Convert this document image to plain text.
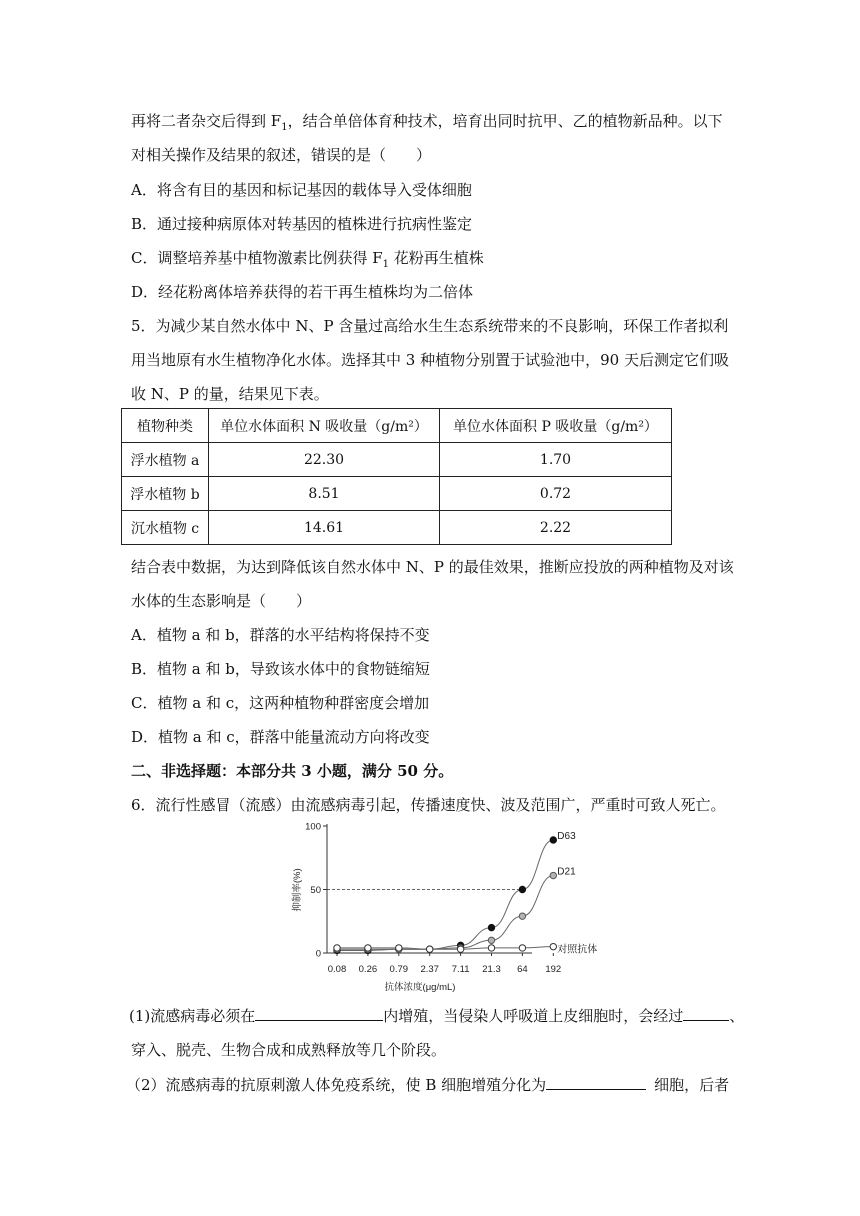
再将二者杂交后得到 $F_1$，结合单倍体育种技术，培育出同时抗甲、乙的植物新品种。以下
对相关操作及结果的叙述，错误的是（　　）
A．将含有目的基因和标记基因的载体导入受体细胞
B．通过接种病原体对转基因的植株进行抗病性鉴定
C．调整培养基中植物激素比例获得 $F_1$ 花粉再生植株
D．经花粉离体培养获得的若干再生植株均为二倍体
5．为减少某自然水体中 N、P 含量过高给水生生态系统带来的不良影响，环保工作者拟利
用当地原有水生植物净化水体。选择其中 3 种植物分别置于试验池中，90 天后测定它们吸
收 N、P 的量，结果见下表。
植物种类	单位水体面积 N 吸收量（g/m²）	单位水体面积 P 吸收量（g/m²）
浮水植物 a	22.30	1.70
浮水植物 b	8.51	0.72
沉水植物 c	14.61	2.22
结合表中数据，为达到降低该自然水体中 N、P 的最佳效果，推断应投放的两种植物及对该
水体的生态影响是（　　）
A．植物 a 和 b，群落的水平结构将保持不变
B．植物 a 和 b，导致该水体中的食物链缩短
C．植物 a 和 c，这两种植物种群密度会增加
D．植物 a 和 c，群落中能量流动方向将改变
二、非选择题：本部分共 3 小题，满分 50 分。
6．流行性感冒（流感）由流感病毒引起，传播速度快、波及范围广，严重时可致人死亡。
0
50
100
0.08 0.26 0.79 2.37 7.11 21.3 64 192
抗体浓度(μg/mL)
抑制率(%)
D63
D21
对照抗体
(1)流感病毒必须在	内增殖，当侵染人呼吸道上皮细胞时，会经过	、
穿入、脱壳、生物合成和成熟释放等几个阶段。
（2）流感病毒的抗原刺激人体免疫系统，使 B 细胞增殖分化为	细胞，后者
